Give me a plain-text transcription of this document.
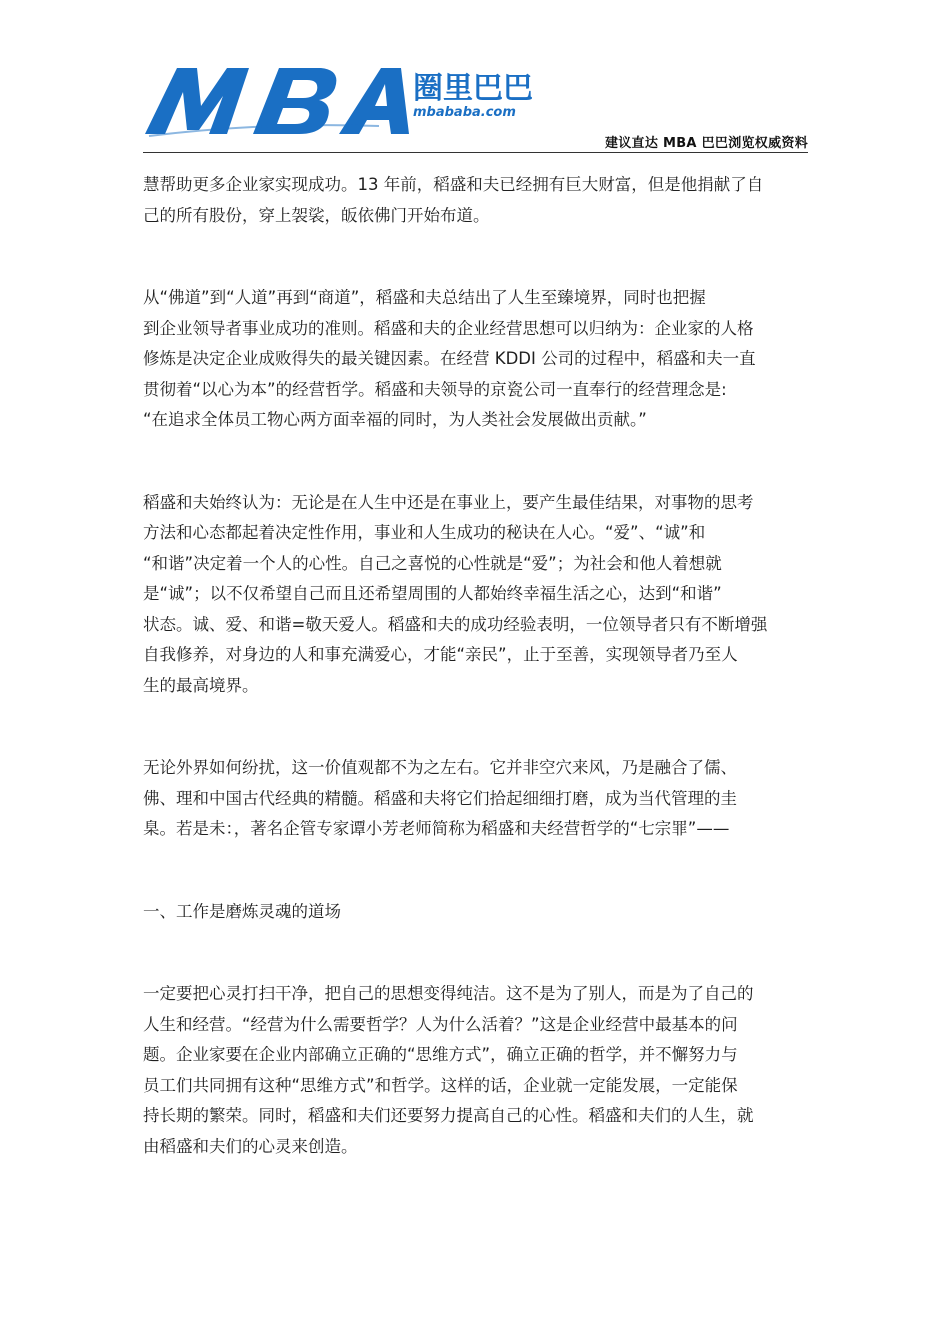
圈里巴巴
mbababa.com
建议直达 MBA 巴巴浏览权威资料

慧帮助更多企业家实现成功。13 年前，稻盛和夫已经拥有巨大财富，但是他捐献了自
己的所有股份，穿上袈裟，皈依佛门开始布道。

从“佛道”到“人道”再到“商道”，稻盛和夫总结出了人生至臻境界，同时也把握
到企业领导者事业成功的准则。稻盛和夫的企业经营思想可以归纳为：企业家的人格
修炼是决定企业成败得失的最关键因素。在经营 KDDI 公司的过程中，稻盛和夫一直
贯彻着“以心为本”的经营哲学。稻盛和夫领导的京瓷公司一直奉行的经营理念是:
“在追求全体员工物心两方面幸福的同时，为人类社会发展做出贡献。”

稻盛和夫始终认为：无论是在人生中还是在事业上，要产生最佳结果，对事物的思考
方法和心态都起着决定性作用，事业和人生成功的秘诀在人心。“爱”、“诚”和
“和谐”决定着一个人的心性。自己之喜悦的心性就是“爱”；为社会和他人着想就
是“诚”；以不仅希望自己而且还希望周围的人都始终幸福生活之心，达到“和谐”
状态。诚、爱、和谐=敬天爱人。稻盛和夫的成功经验表明，一位领导者只有不断增强
自我修养，对身边的人和事充满爱心，才能“亲民”，止于至善，实现领导者乃至人
生的最高境界。

无论外界如何纷扰，这一价值观都不为之左右。它并非空穴来风，乃是融合了儒、
佛、理和中国古代经典的精髓。稻盛和夫将它们拾起细细打磨，成为当代管理的圭
臬。若是未：，著名企管专家谭小芳老师简称为稻盛和夫经营哲学的“七宗罪”——

一、工作是磨炼灵魂的道场

一定要把心灵打扫干净，把自己的思想变得纯洁。这不是为了别人，而是为了自己的
人生和经营。“经营为什么需要哲学？人为什么活着？”这是企业经营中最基本的问
题。企业家要在企业内部确立正确的“思维方式”，确立正确的哲学，并不懈努力与
员工们共同拥有这种“思维方式”和哲学。这样的话，企业就一定能发展，一定能保
持长期的繁荣。同时，稻盛和夫们还要努力提高自己的心性。稻盛和夫们的人生，就
由稻盛和夫们的心灵来创造。
